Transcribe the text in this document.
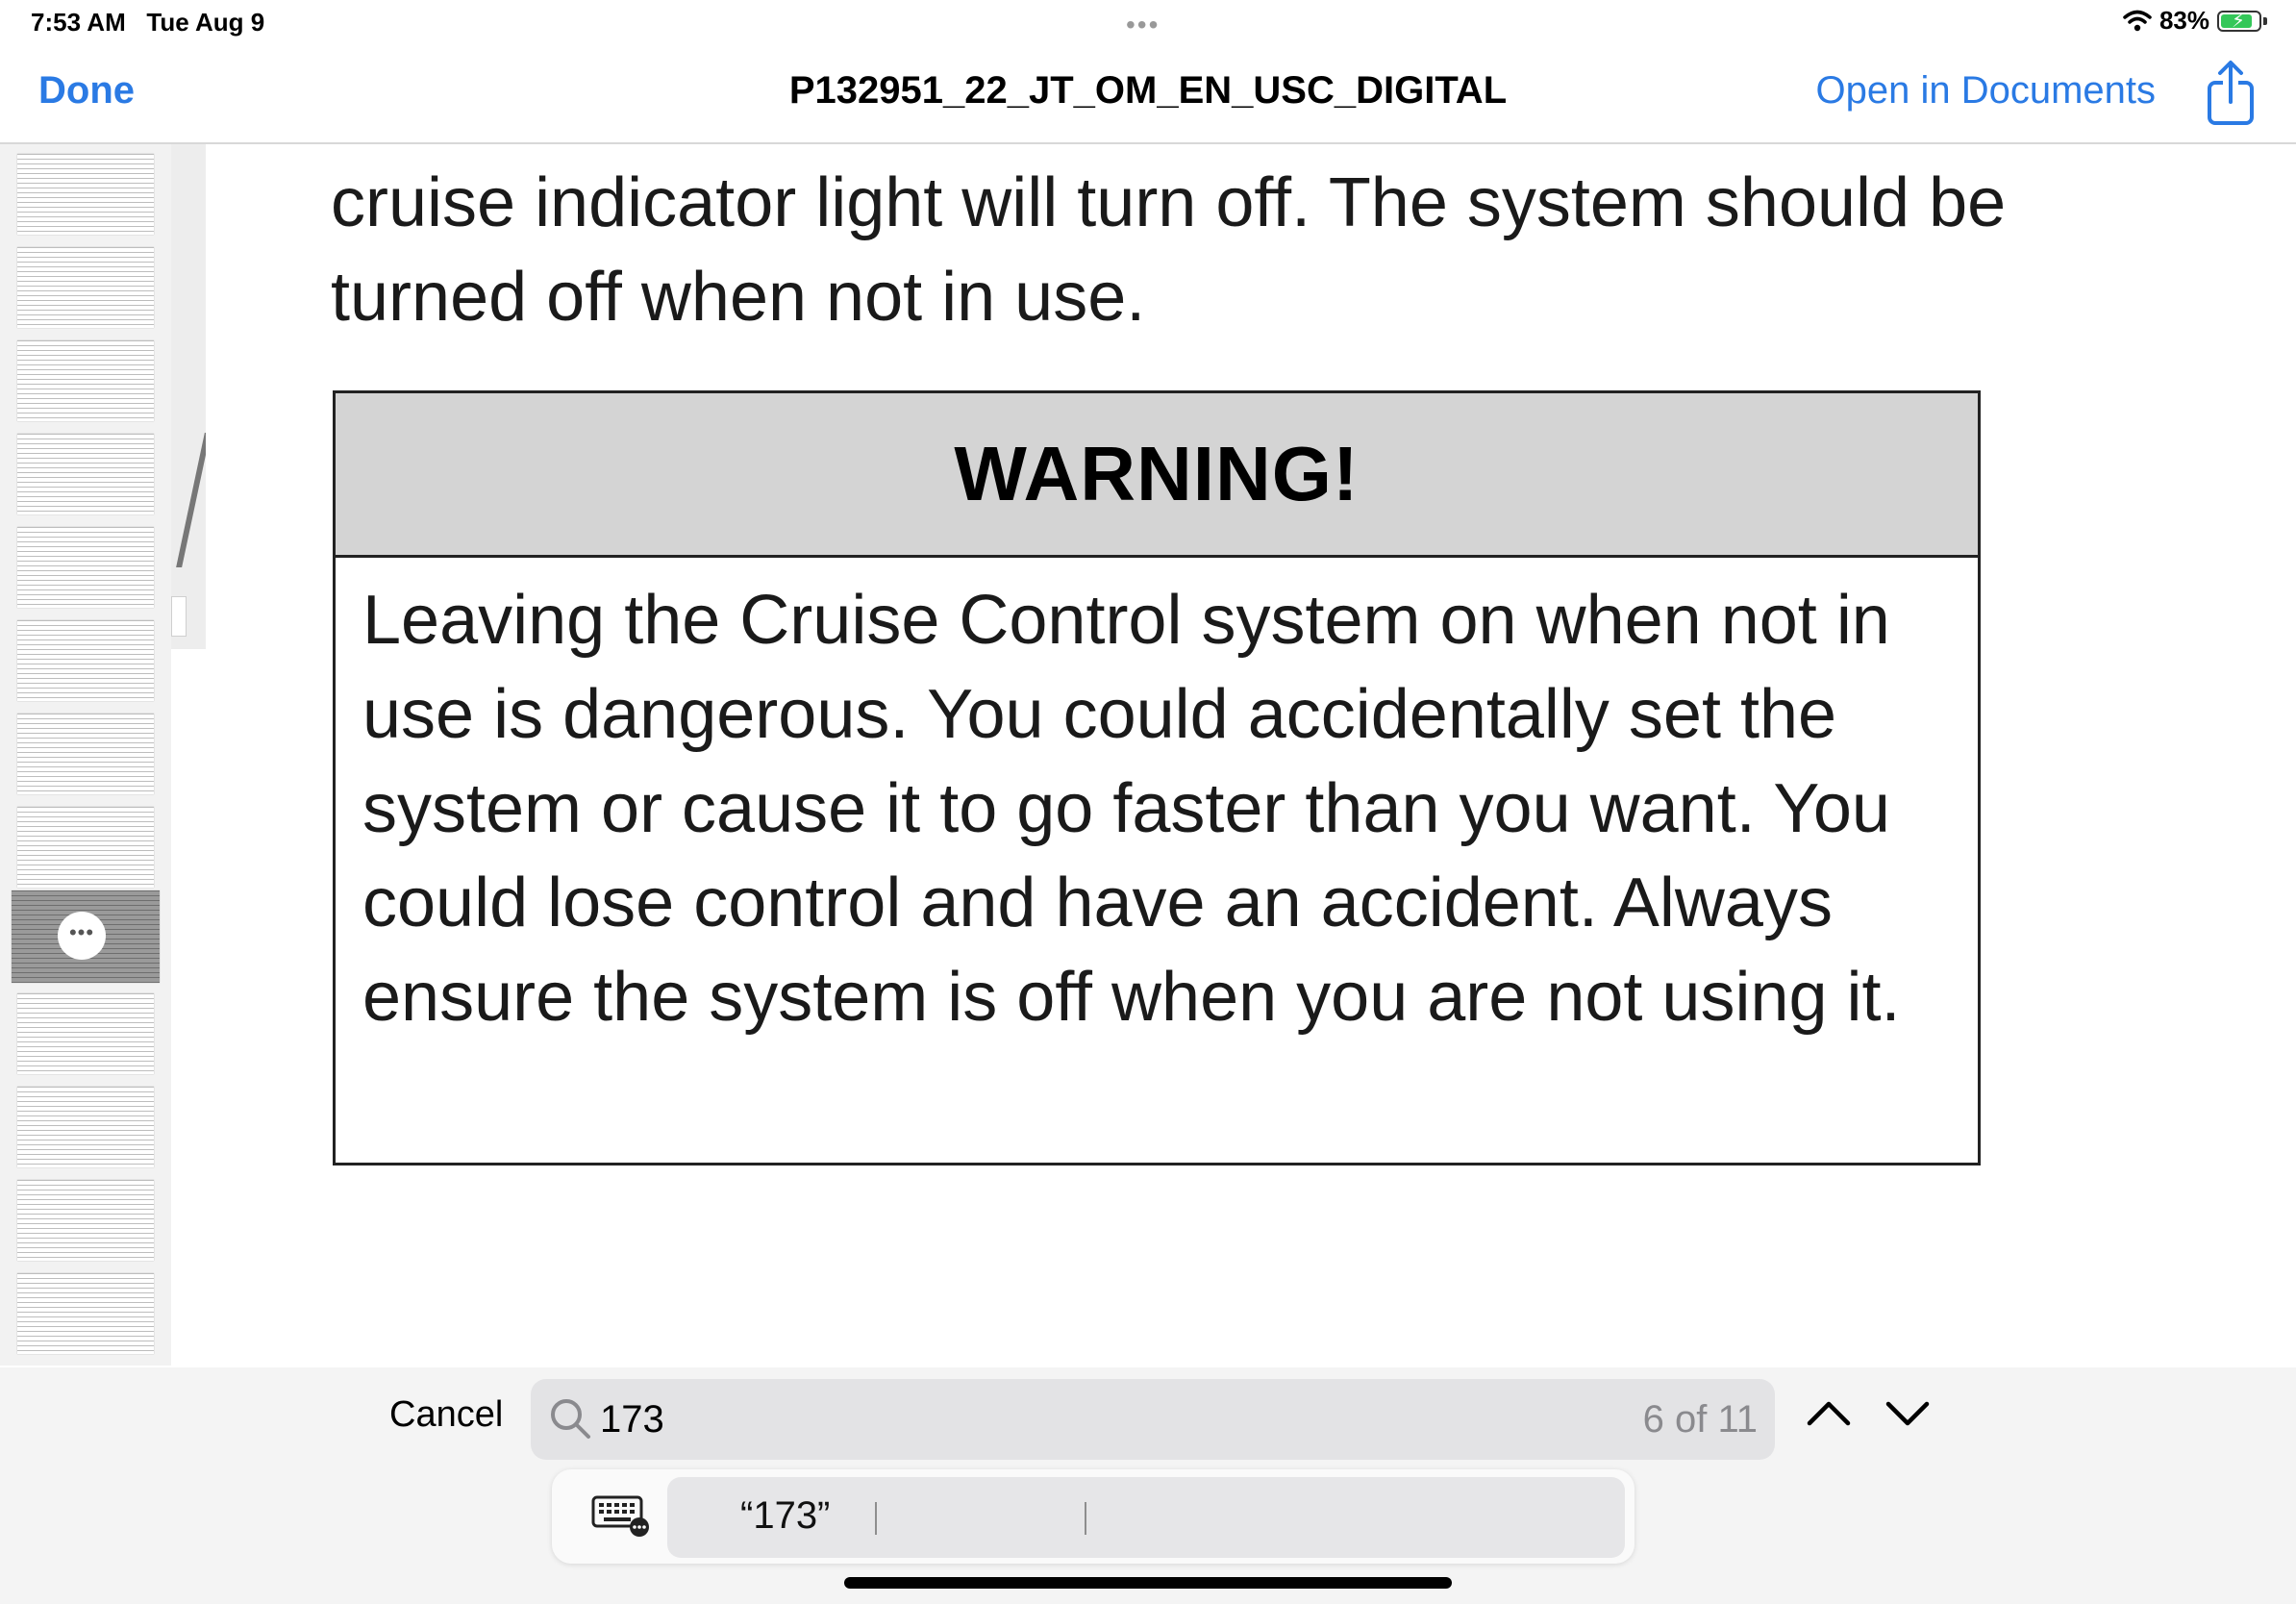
7:53 AM Tue Aug 9	•••	83% ⚡
Done	P132951_22_JT_OM_EN_USC_DIGITAL	Open in Documents
•••
cruise indicator light will turn off. The system should be turned off when not in use.
WARNING!
Leaving the Cruise Control system on when not in use is dangerous. You could accidentally set the system or cause it to go faster than you want. You could lose control and have an accident. Always ensure the system is off when you are not using it.
Cancel
173	6 of 11
“173”
